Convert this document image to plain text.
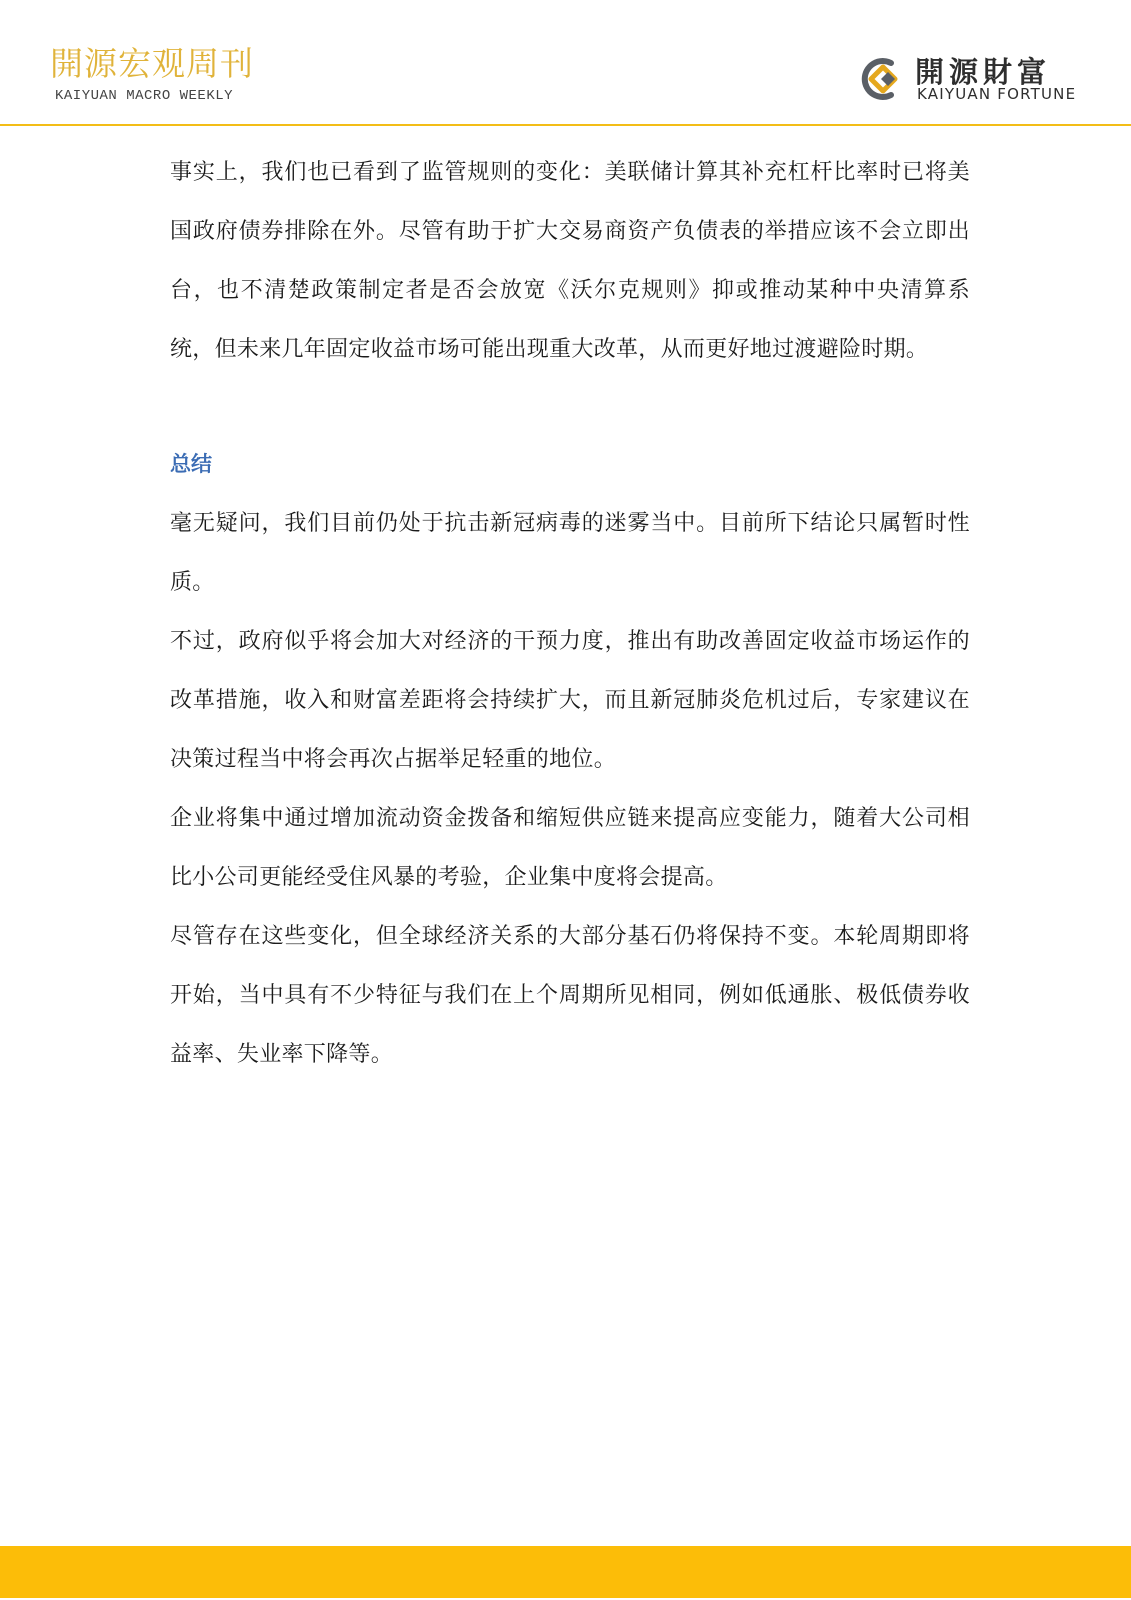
開源宏观周刊
KAIYUAN MACRO WEEKLY
開源財富
KAIYUAN FORTUNE

事实上，我们也已看到了监管规则的变化：美联储计算其补充杠杆比率时已将美国政府债券排除在外。尽管有助于扩大交易商资产负债表的举措应该不会立即出台，也不清楚政策制定者是否会放宽《沃尔克规则》抑或推动某种中央清算系统，但未来几年固定收益市场可能出现重大改革，从而更好地过渡避险时期。

总结

毫无疑问，我们目前仍处于抗击新冠病毒的迷雾当中。目前所下结论只属暂时性质。

不过，政府似乎将会加大对经济的干预力度，推出有助改善固定收益市场运作的改革措施，收入和财富差距将会持续扩大，而且新冠肺炎危机过后，专家建议在决策过程当中将会再次占据举足轻重的地位。

企业将集中通过增加流动资金拨备和缩短供应链来提高应变能力，随着大公司相比小公司更能经受住风暴的考验，企业集中度将会提高。

尽管存在这些变化，但全球经济关系的大部分基石仍将保持不变。本轮周期即将开始，当中具有不少特征与我们在上个周期所见相同，例如低通胀、极低债券收益率、失业率下降等。
